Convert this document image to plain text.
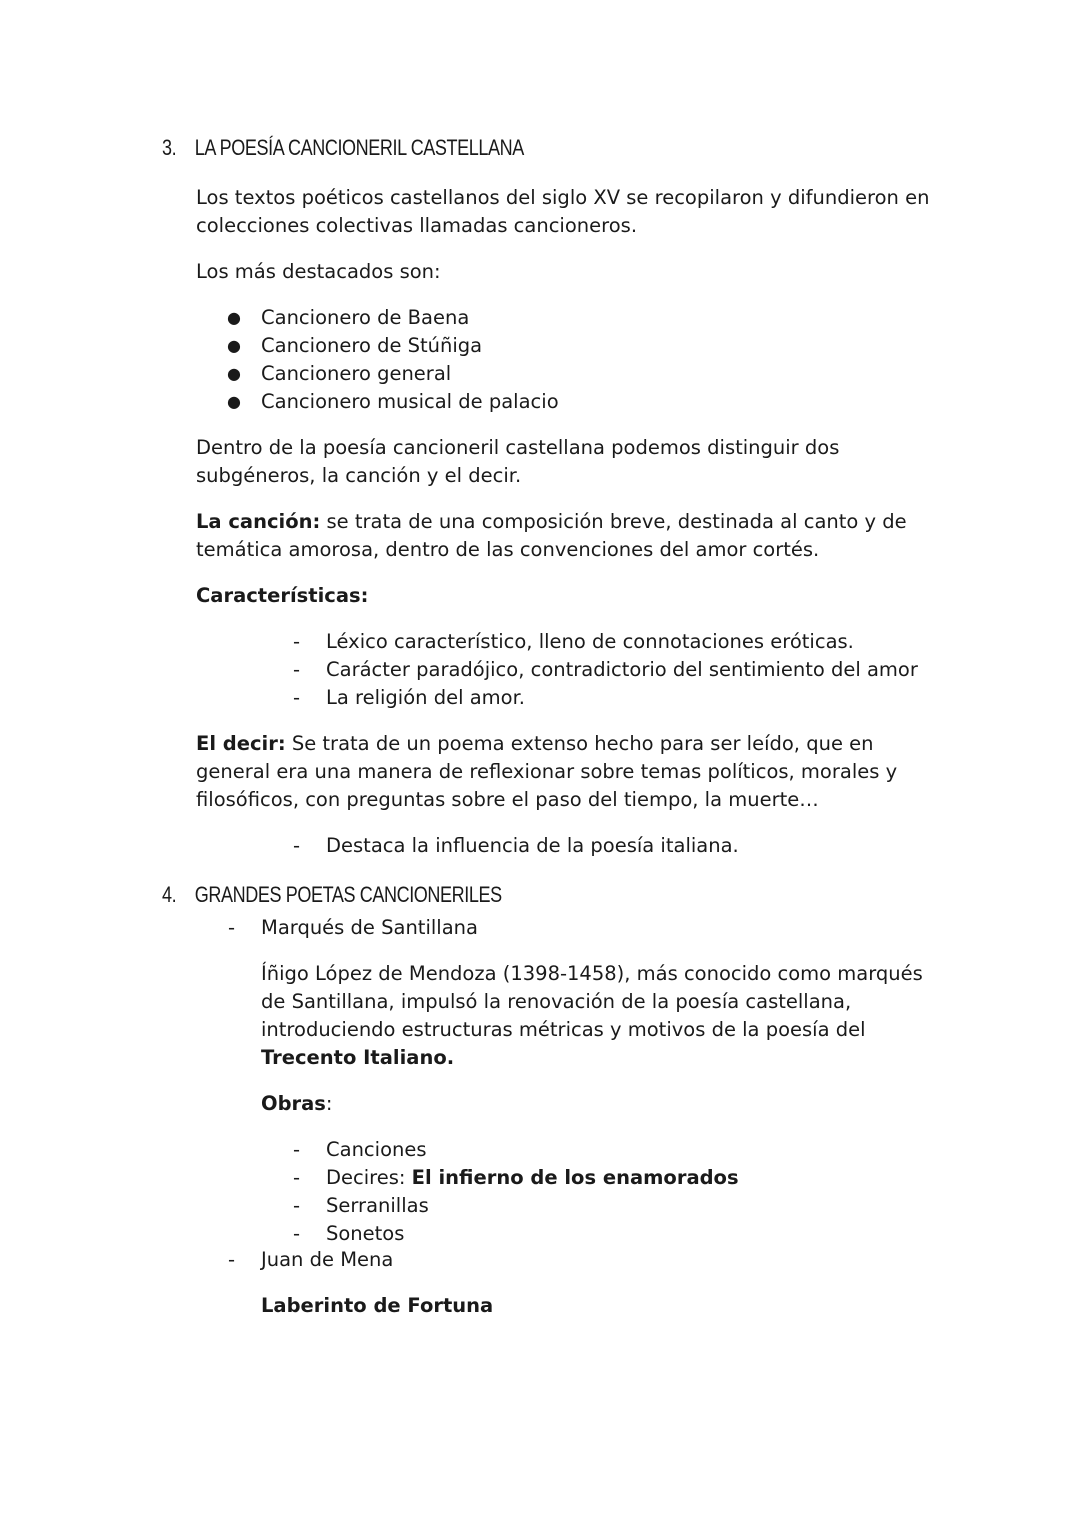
3. LA POESÍA CANCIONERIL CASTELLANA
Los textos poéticos castellanos del siglo XV se recopilaron y difundieron en
colecciones colectivas llamadas cancioneros.
Los más destacados son:
● Cancionero de Baena
● Cancionero de Stúñiga
● Cancionero general
● Cancionero musical de palacio
Dentro de la poesía cancioneril castellana podemos distinguir dos
subgéneros, la canción y el decir.
La canción: se trata de una composición breve, destinada al canto y de
temática amorosa, dentro de las convenciones del amor cortés.
Características:
- Léxico característico, lleno de connotaciones eróticas.
- Carácter paradójico, contradictorio del sentimiento del amor
- La religión del amor.
El decir: Se trata de un poema extenso hecho para ser leído, que en
general era una manera de reflexionar sobre temas políticos, morales y
filosóficos, con preguntas sobre el paso del tiempo, la muerte…
- Destaca la influencia de la poesía italiana.
4. GRANDES POETAS CANCIONERILES
- Marqués de Santillana
Íñigo López de Mendoza (1398-1458), más conocido como marqués
de Santillana, impulsó la renovación de la poesía castellana,
introduciendo estructuras métricas y motivos de la poesía del
Trecento Italiano.
Obras:
- Canciones
- Decires: El infierno de los enamorados
- Serranillas
- Sonetos
- Juan de Mena
Laberinto de Fortuna
